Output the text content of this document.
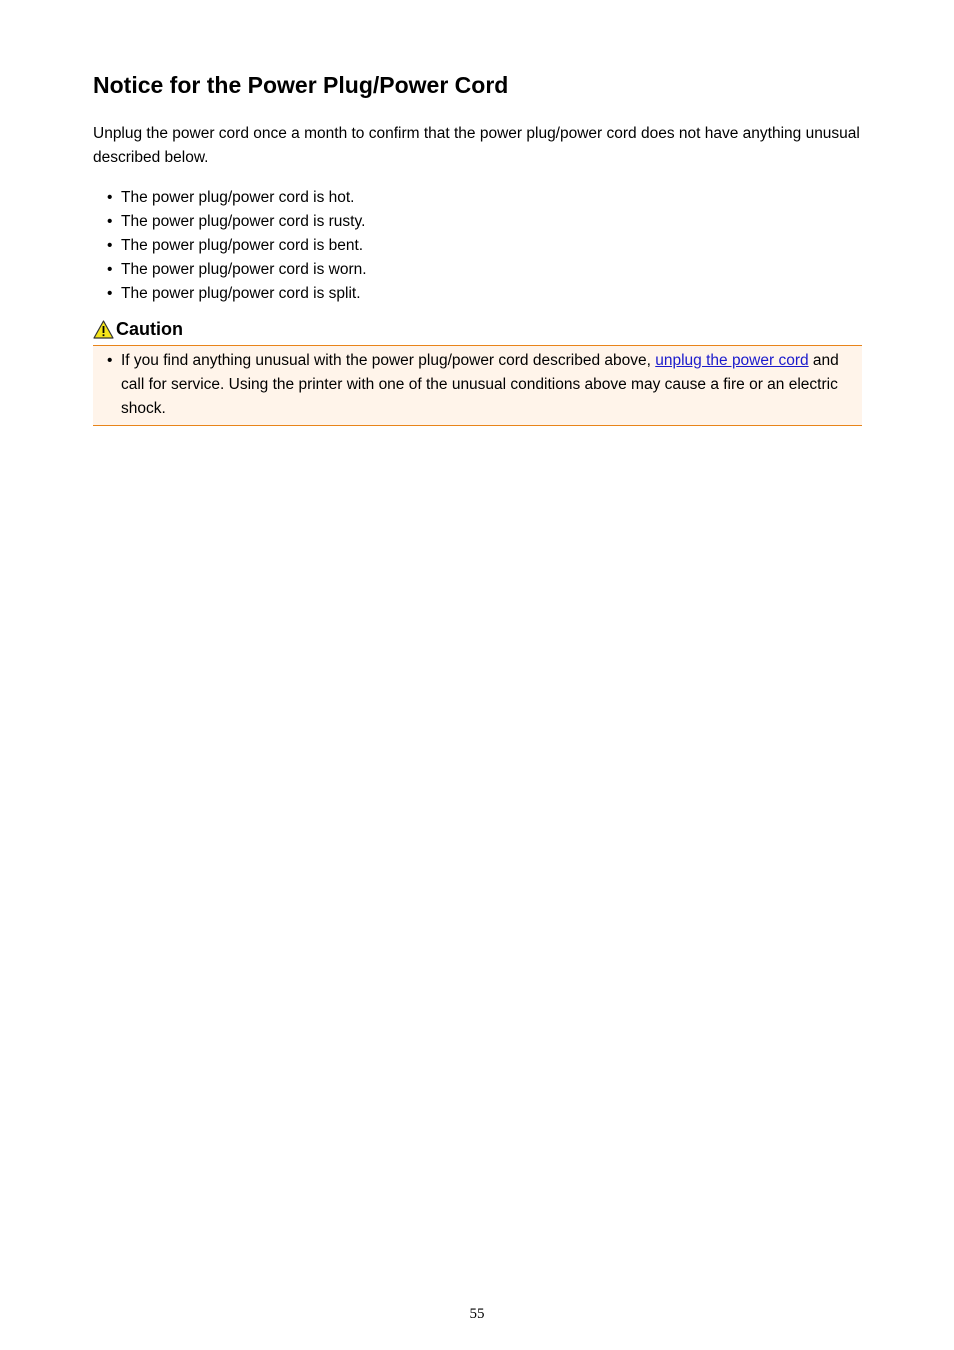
Notice for the Power Plug/Power Cord

Unplug the power cord once a month to confirm that the power plug/power cord does not have anything unusual described below.

• The power plug/power cord is hot.
• The power plug/power cord is rusty.
• The power plug/power cord is bent.
• The power plug/power cord is worn.
• The power plug/power cord is split.
Caution
• If you find anything unusual with the power plug/power cord described above, unplug the power cord and call for service. Using the printer with one of the unusual conditions above may cause a fire or an electric shock.
55
